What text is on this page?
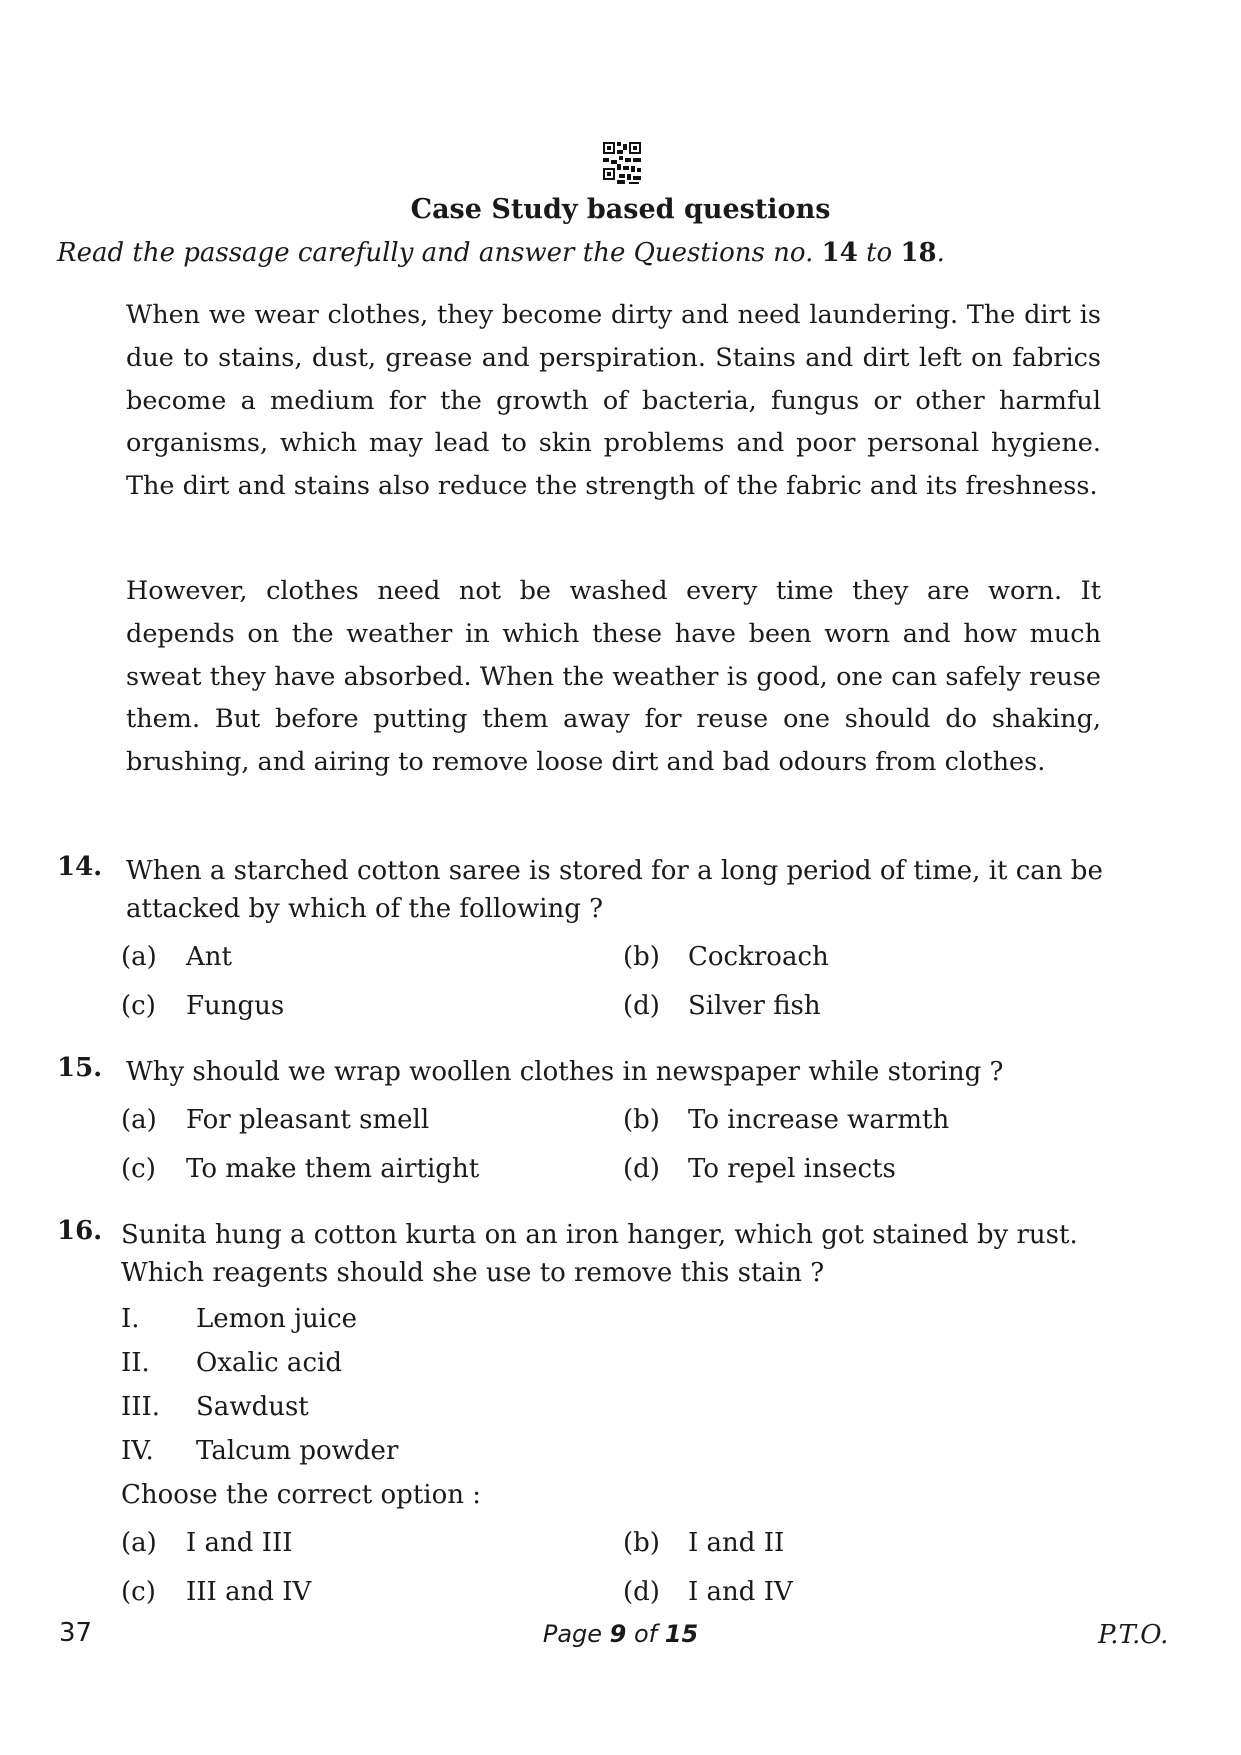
Case Study based questions
Read the passage carefully and answer the Questions no. 14 to 18.

When we wear clothes, they become dirty and need laundering. The dirt is due to stains, dust, grease and perspiration. Stains and dirt left on fabrics become a medium for the growth of bacteria, fungus or other harmful organisms, which may lead to skin problems and poor personal hygiene. The dirt and stains also reduce the strength of the fabric and its freshness.

However, clothes need not be washed every time they are worn. It depends on the weather in which these have been worn and how much sweat they have absorbed. When the weather is good, one can safely reuse them. But before putting them away for reuse one should do shaking, brushing, and airing to remove loose dirt and bad odours from clothes.

14. When a starched cotton saree is stored for a long period of time, it can be attacked by which of the following ?

(a) Ant	(b) Cockroach
(c) Fungus	(d) Silver fish
15. Why should we wrap woollen clothes in newspaper while storing ?

(a) For pleasant smell	(b) To increase warmth
(c) To make them airtight	(d) To repel insects
16. Sunita hung a cotton kurta on an iron hanger, which got stained by rust. Which reagents should she use to remove this stain ?

I. Lemon juice
II. Oxalic acid
III. Sawdust
IV. Talcum powder
Choose the correct option :
(a) I and III	(b) I and II
(c) III and IV	(d) I and IV
37	Page 9 of 15	P.T.O.
